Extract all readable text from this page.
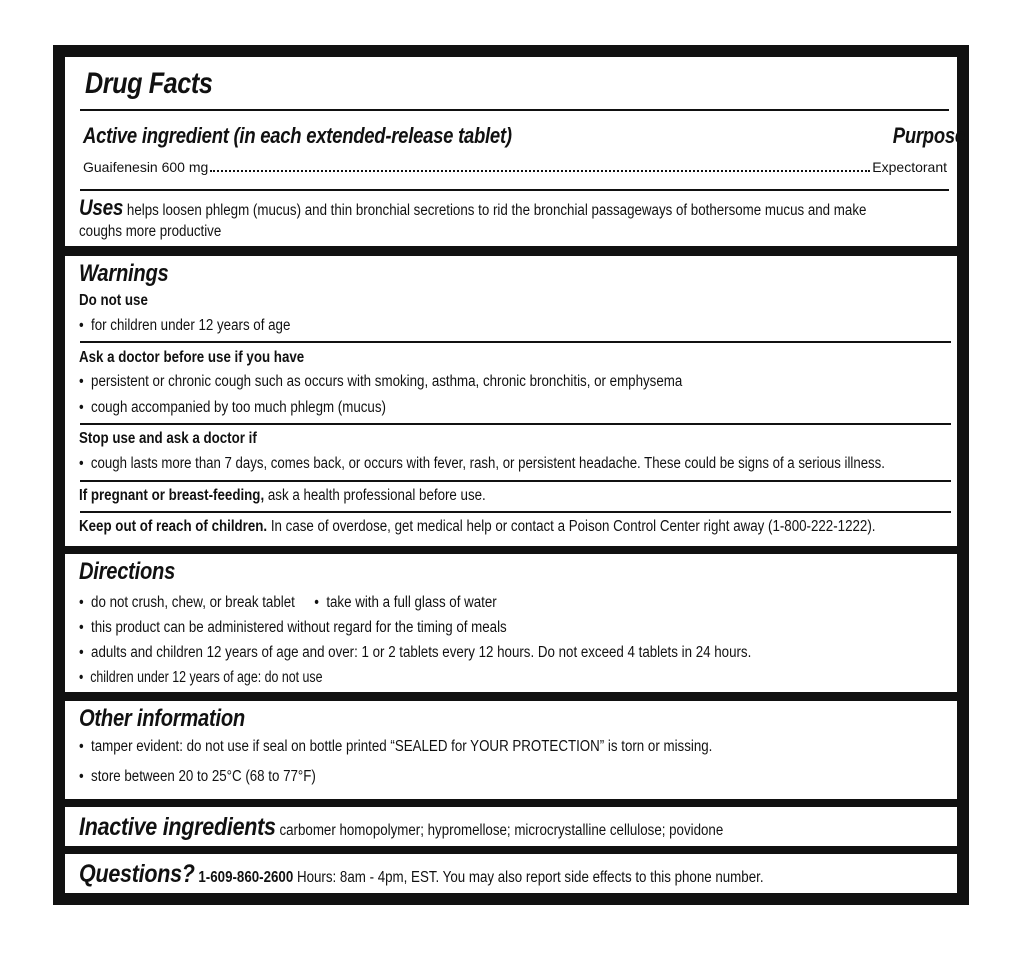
Drug Facts
Active ingredient (in each extended-release tablet)	Purpose
Guaifenesin 600 mg	Expectorant
Uses helps loosen phlegm (mucus) and thin bronchial secretions to rid the bronchial passageways of bothersome mucus and make
coughs more productive
Warnings
Do not use
• for children under 12 years of age
Ask a doctor before use if you have
• persistent or chronic cough such as occurs with smoking, asthma, chronic bronchitis, or emphysema
• cough accompanied by too much phlegm (mucus)
Stop use and ask a doctor if
• cough lasts more than 7 days, comes back, or occurs with fever, rash, or persistent headache. These could be signs of a serious illness.
If pregnant or breast-feeding, ask a health professional before use.
Keep out of reach of children. In case of overdose, get medical help or contact a Poison Control Center right away (1-800-222-1222).
Directions
• do not crush, chew, or break tablet  • take with a full glass of water
• this product can be administered without regard for the timing of meals
• adults and children 12 years of age and over: 1 or 2 tablets every 12 hours. Do not exceed 4 tablets in 24 hours.
• children under 12 years of age: do not use
Other information
• tamper evident: do not use if seal on bottle printed “SEALED for YOUR PROTECTION” is torn or missing.
• store between 20 to 25°C (68 to 77°F)
Inactive ingredients carbomer homopolymer; hypromellose; microcrystalline cellulose; povidone
Questions? 1-609-860-2600 Hours: 8am - 4pm, EST. You may also report side effects to this phone number.
